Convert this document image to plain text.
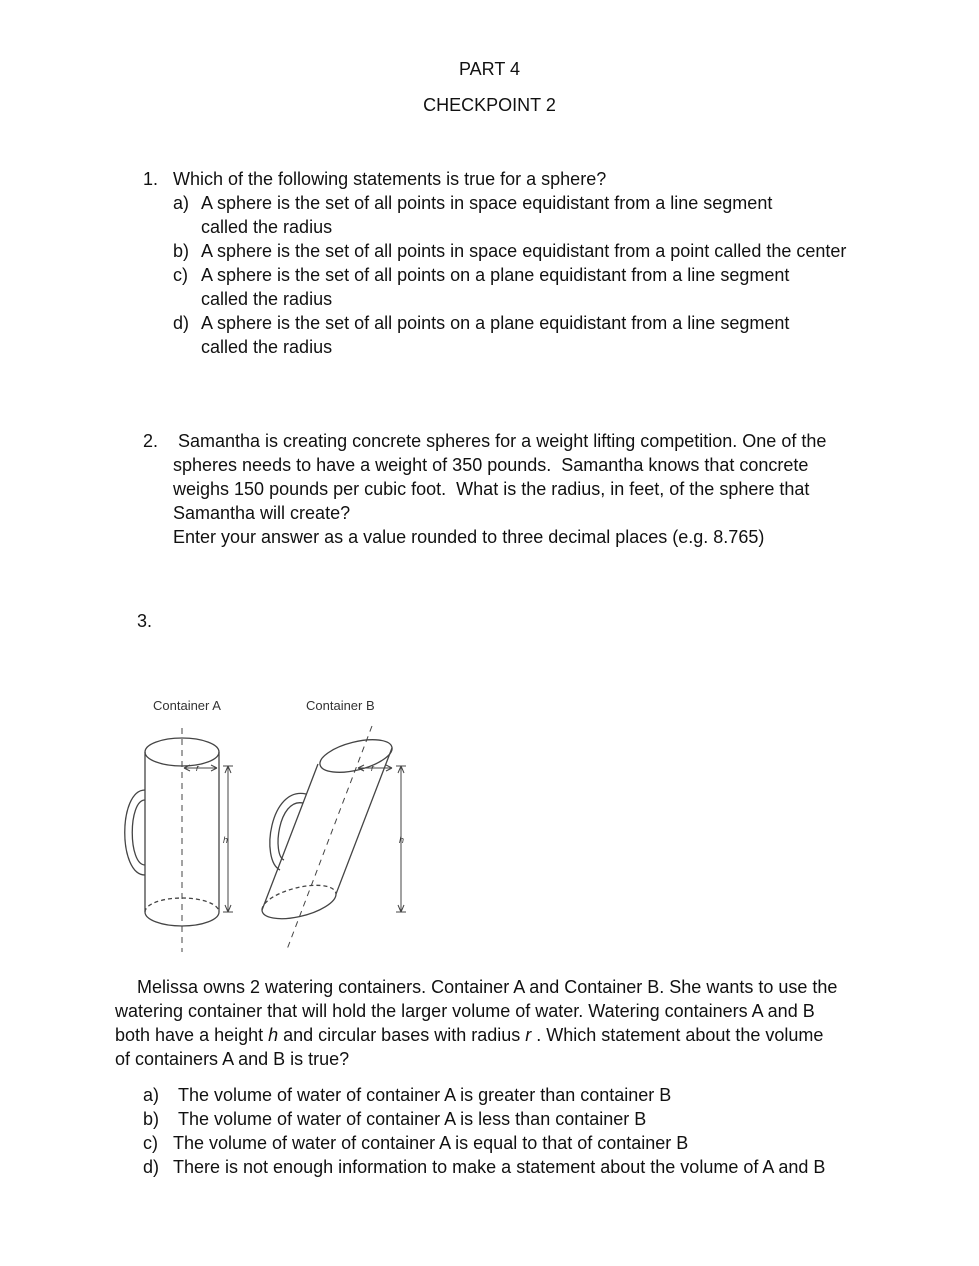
PART 4
CHECKPOINT 2
1. Which of the following statements is true for a sphere?
a) A sphere is the set of all points in space equidistant from a line segment
called the radius
b) A sphere is the set of all points in space equidistant from a point called the center
c) A sphere is the set of all points on a plane equidistant from a line segment
called the radius
d) A sphere is the set of all points on a plane equidistant from a line segment
called the radius
2. Samantha is creating concrete spheres for a weight lifting competition. One of the
spheres needs to have a weight of 350 pounds.  Samantha knows that concrete
weighs 150 pounds per cubic foot.  What is the radius, in feet, of the sphere that
Samantha will create?
Enter your answer as a value rounded to three decimal places (e.g. 8.765)
3.
Container A	Container B
r	r
h	h
Melissa owns 2 watering containers. Container A and Container B. She wants to use the
watering container that will hold the larger volume of water. Watering containers A and B
both have a height h and circular bases with radius r . Which statement about the volume
of containers A and B is true?
a) The volume of water of container A is greater than container B
b) The volume of water of container A is less than container B
c) The volume of water of container A is equal to that of container B
d) There is not enough information to make a statement about the volume of A and B
